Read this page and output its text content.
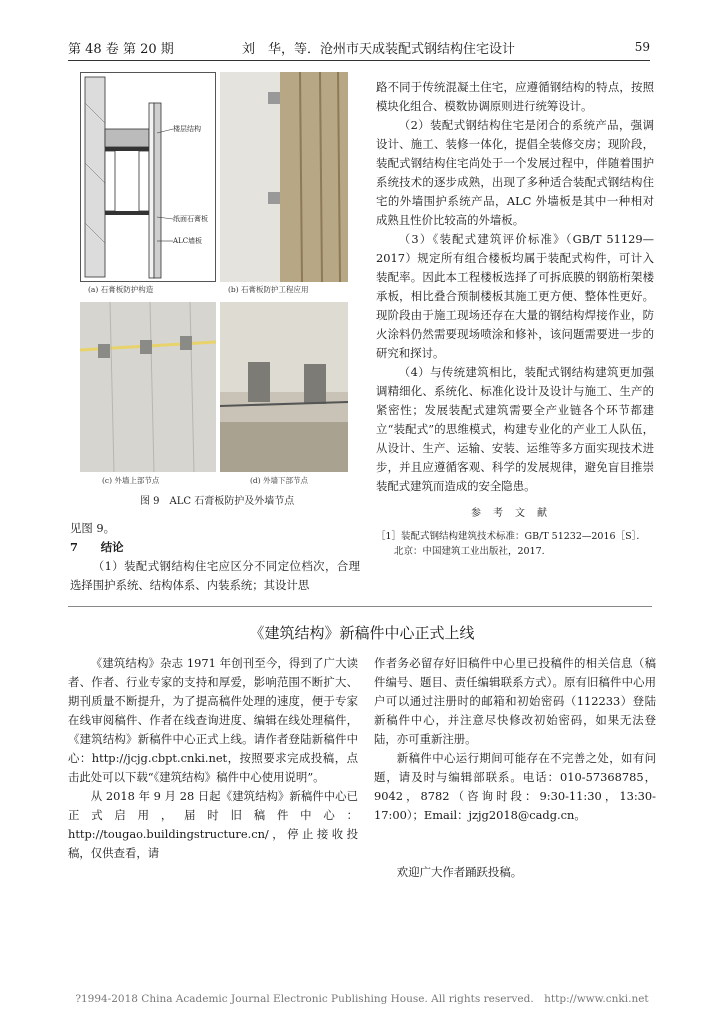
第 48 卷 第 20 期	刘　华，等．沧州市天成装配式钢结构住宅设计	59
楼层结构
纸面石膏板
ALC墙板
(a) 石膏板防护构造	(b) 石膏板防护工程应用
(c) 外墙上部节点	(d) 外墙下部节点
图 9　ALC 石膏板防护及外墙节点

见图 9。

7　　结论

（1）装配式钢结构住宅应区分不同定位档次，合理选择围护系统、结构体系、内装系统；其设计思

路不同于传统混凝土住宅，应遵循钢结构的特点，按照模块化组合、模数协调原则进行统筹设计。

（2）装配式钢结构住宅是闭合的系统产品，强调设计、施工、装修一体化，提倡全装修交房；现阶段，装配式钢结构住宅尚处于一个发展过程中，伴随着围护系统技术的逐步成熟，出现了多种适合装配式钢结构住宅的外墙围护系统产品，ALC 外墙板是其中一种相对成熟且性价比较高的外墙板。

（3）《装配式建筑评价标准》（GB/T 51129—2017）规定所有组合楼板均属于装配式构件，可计入装配率。因此本工程楼板选择了可拆底膜的钢筋桁架楼承板，相比叠合预制楼板其施工更方便、整体性更好。现阶段由于施工现场还存在大量的钢结构焊接作业，防火涂料仍然需要现场喷涂和修补，该问题需要进一步的研究和探讨。

（4）与传统建筑相比，装配式钢结构建筑更加强调精细化、系统化、标准化设计及设计与施工、生产的紧密性；发展装配式建筑需要全产业链各个环节都建立“装配式”的思维模式，构建专业化的产业工人队伍，从设计、生产、运输、安装、运维等多方面实现技术进步，并且应遵循客观、科学的发展规律，避免盲目推崇装配式建筑而造成的安全隐患。

参考文献
［1］装配式钢结构建筑技术标准：GB/T 51232—2016［S］．
北京：中国建筑工业出版社，2017.
《建筑结构》新稿件中心正式上线

《建筑结构》杂志 1971 年创刊至今，得到了广大读者、作者、行业专家的支持和厚爱，影响范围不断扩大、期刊质量不断提升，为了提高稿件处理的速度，便于专家在线审阅稿件、作者在线查询进度、编辑在线处理稿件，《建筑结构》新稿件中心正式上线。请作者登陆新稿件中心：http://jcjg.cbpt.cnki.net，按照要求完成投稿，点击此处可以下载“《建筑结构》稿件中心使用说明”。

从 2018 年 9 月 28 日起《建筑结构》新稿件中心已正式启用，届时旧稿件中心：http://tougao.buildingstructure.cn/，停止接收投稿，仅供查看，请

作者务必留存好旧稿件中心里已投稿件的相关信息（稿件编号、题目、责任编辑联系方式）。原有旧稿件中心用户可以通过注册时的邮箱和初始密码（112233）登陆新稿件中心，并注意尽快修改初始密码，如果无法登陆，亦可重新注册。

新稿件中心运行期间可能存在不完善之处，如有问题，请及时与编辑部联系。电话：010-57368785，9042，8782（咨询时段：9:30-11:30，13:30-17:00）；Email：jzjg2018@cadg.cn。

欢迎广大作者踊跃投稿。

?1994-2018 China Academic Journal Electronic Publishing House. All rights reserved.　http://www.cnki.net
